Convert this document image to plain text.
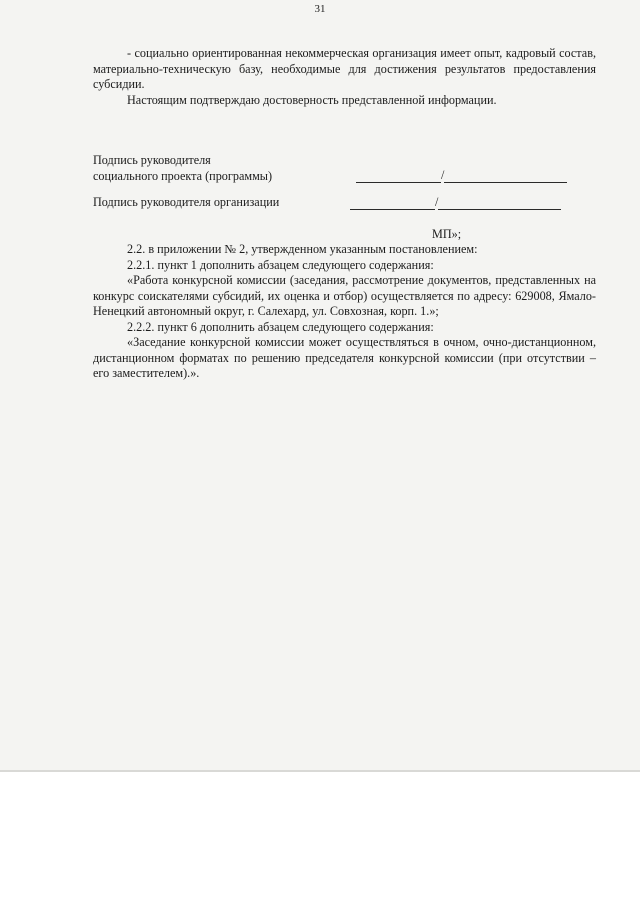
31

- социально ориентированная некоммерческая организация имеет опыт, кадровый состав, материально-техническую базу, необходимые для достижения результатов предоставления субсидии.

Настоящим подтверждаю достоверность представленной информации.

Подпись руководителя
социального проекта (программы)	/
Подпись руководителя организации	/
МП»;

2.2. в приложении № 2, утвержденном указанным постановлением:

2.2.1. пункт 1 дополнить абзацем следующего содержания:

«Работа конкурсной комиссии (заседания, рассмотрение документов, представленных на конкурс соискателями субсидий, их оценка и отбор) осуществляется по адресу: 629008, Ямало-Ненецкий автономный округ, г. Салехард, ул. Совхозная, корп. 1.»;

2.2.2. пункт 6 дополнить абзацем следующего содержания:

«Заседание конкурсной комиссии может осуществляться в очном, очно-дистанционном, дистанционном форматах по решению председателя конкурсной комиссии (при отсутствии – его заместителем).».
